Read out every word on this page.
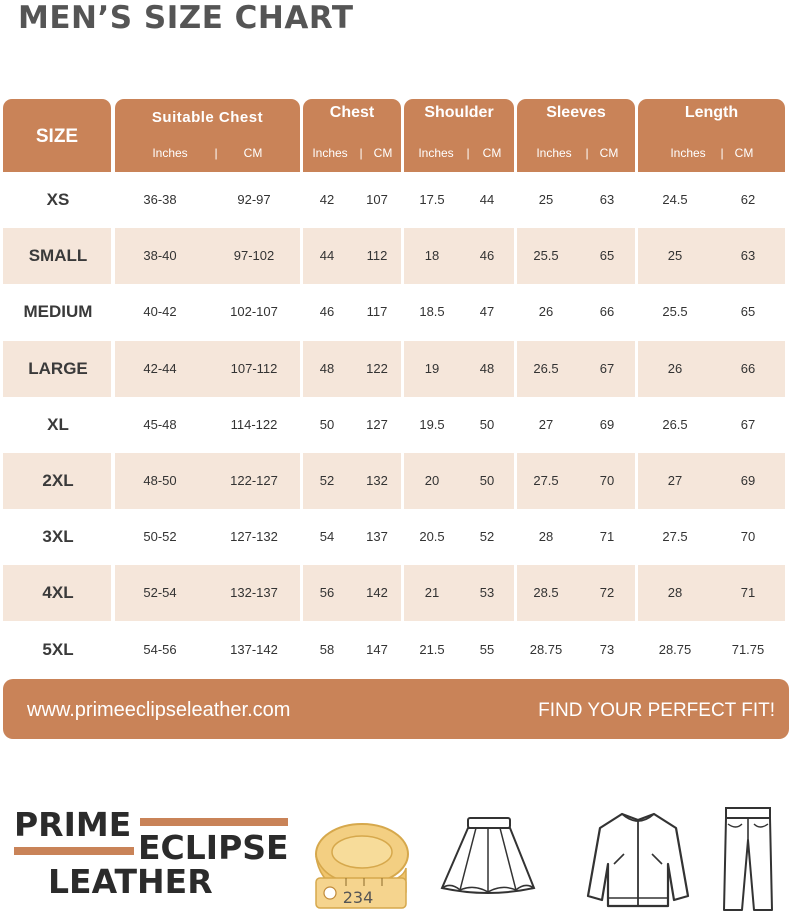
MEN’S SIZE CHART
SIZE
Suitable Chest
Inches	|	CM
Chest
Inches | CM
Shoulder
Inches	|	CM
Sleeves
Inches	| CM
Length
Inches	| CM
XS	36-38	92-97	42	107	17.5	44	25	63	24.5	62
SMALL	38-40	97-102	44	112	18	46	25.5	65	25	63
MEDIUM	40-42	102-107	46	117	18.5	47	26	66	25.5	65
LARGE	42-44	107-112	48	122	19	48	26.5	67	26	66
XL	45-48	114-122	50	127	19.5	50	27	69	26.5	67
2XL	48-50	122-127	52	132	20	50	27.5	70	27	69
3XL	50-52	127-132	54	137	20.5	52	28	71	27.5	70
4XL	52-54	132-137	56	142	21	53	28.5	72	28	71
5XL	54-56	137-142	58	147	21.5	55	28.75	73	28.75	71.75
www.primeeclipseleather.com	FIND YOUR PERFECT FIT!
PRIME
ECLIPSE
LEATHER	234
